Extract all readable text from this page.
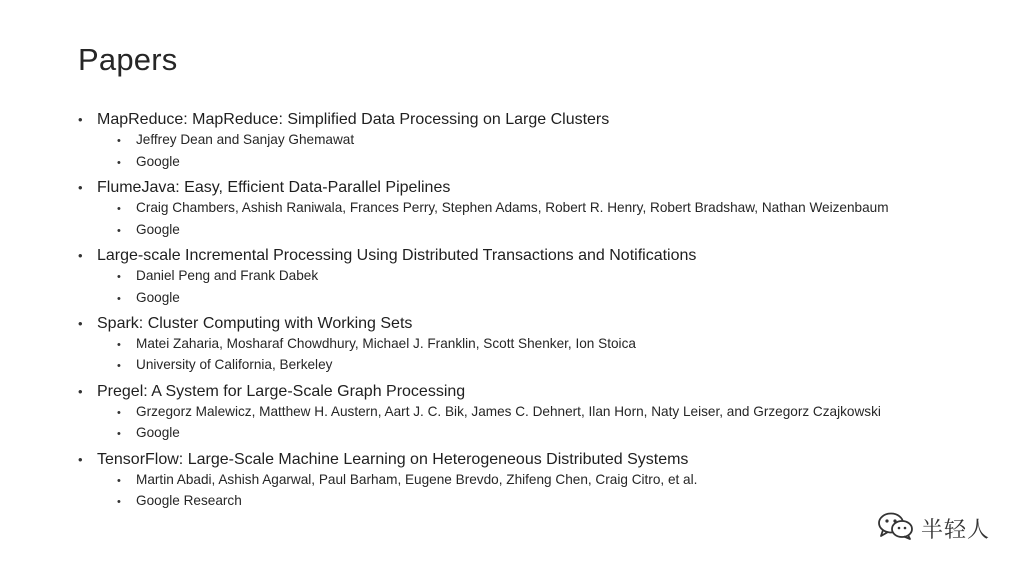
Papers
• MapReduce: MapReduce: Simplified Data Processing on Large Clusters
•	Jeffrey Dean and Sanjay Ghemawat
•	Google
• FlumeJava: Easy, Efficient Data-Parallel Pipelines
•	Craig Chambers, Ashish Raniwala, Frances Perry, Stephen Adams, Robert R. Henry, Robert Bradshaw, Nathan Weizenbaum
•	Google
• Large-scale Incremental Processing Using Distributed Transactions and Notifications
•	Daniel Peng and Frank Dabek
•	Google
• Spark: Cluster Computing with Working Sets
•	Matei Zaharia, Mosharaf Chowdhury, Michael J. Franklin, Scott Shenker, Ion Stoica
•	University of California, Berkeley
• Pregel: A System for Large-Scale Graph Processing
•	Grzegorz Malewicz, Matthew H. Austern, Aart J. C. Bik, James C. Dehnert, Ilan Horn, Naty Leiser, and Grzegorz Czajkowski
•	Google
• TensorFlow: Large-Scale Machine Learning on Heterogeneous Distributed Systems
•	Martin Abadi, Ashish Agarwal, Paul Barham, Eugene Brevdo, Zhifeng Chen, Craig Citro, et al.
•	Google Research
半轻人
